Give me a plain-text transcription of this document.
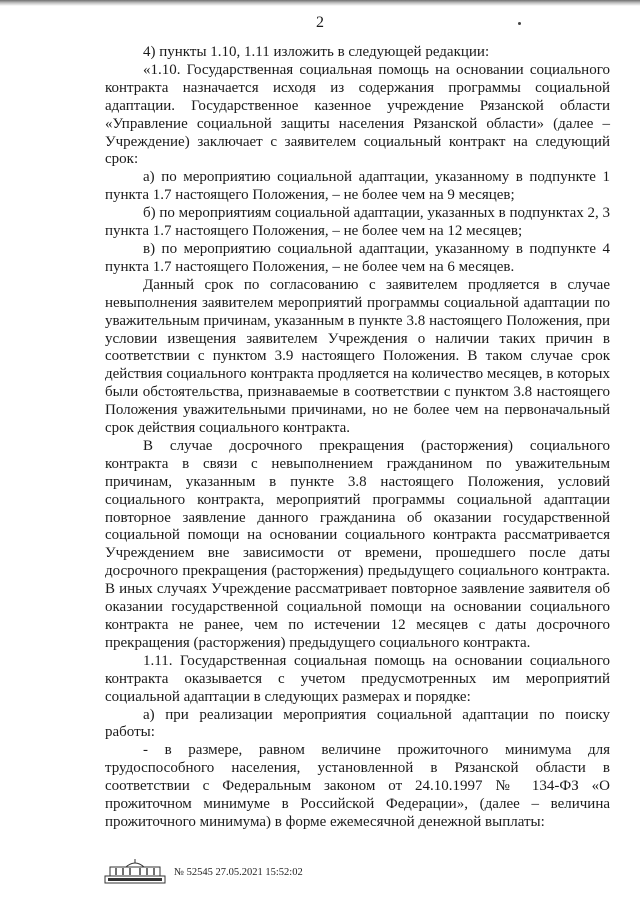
2

4) пункты 1.10, 1.11 изложить в следующей редакции:

«1.10. Государственная социальная помощь на основании социального контракта назначается исходя из содержания программы социальной адаптации. Государственное казенное учреждение Рязанской области «Управление социальной защиты населения Рязанской области» (далее – Учреждение) заключает с заявителем социальный контракт на следующий срок:

а) по мероприятию социальной адаптации, указанному в подпункте 1 пункта 1.7 настоящего Положения, – не более чем на 9 месяцев;

б) по мероприятиям социальной адаптации, указанных в подпунктах 2, 3 пункта 1.7 настоящего Положения, – не более чем на 12 месяцев;

в) по мероприятию социальной адаптации, указанному в подпункте 4 пункта 1.7 настоящего Положения, – не более чем на 6 месяцев.

Данный срок по согласованию с заявителем продляется в случае невыполнения заявителем мероприятий программы социальной адаптации по уважительным причинам, указанным в пункте 3.8 настоящего Положения, при условии извещения заявителем Учреждения о наличии таких причин в соответствии с пунктом 3.9 настоящего Положения. В таком случае срок действия социального контракта продляется на количество месяцев, в которых были обстоятельства, признаваемые в соответствии с пунктом 3.8 настоящего Положения уважительными причинами, но не более чем на первоначальный срок действия социального контракта.

В случае досрочного прекращения (расторжения) социального контракта в связи с невыполнением гражданином по уважительным причинам, указанным в пункте 3.8 настоящего Положения, условий социального контракта, мероприятий программы социальной адаптации повторное заявление данного гражданина об оказании государственной социальной помощи на основании социального контракта рассматривается Учреждением вне зависимости от времени, прошедшего после даты досрочного прекращения (расторжения) предыдущего социального контракта. В иных случаях Учреждение рассматривает повторное заявление заявителя об оказании государственной социальной помощи на основании социального контракта не ранее, чем по истечении 12 месяцев с даты досрочного прекращения (расторжения) предыдущего социального контракта.

1.11. Государственная социальная помощь на основании социального контракта оказывается с учетом предусмотренных им мероприятий социальной адаптации в следующих размерах и порядке:

а) при реализации мероприятия социальной адаптации по поиску работы:

- в размере, равном величине прожиточного минимума для трудоспособного населения, установленной в Рязанской области в соответствии с Федеральным законом от 24.10.1997 № 134-ФЗ «О прожиточном минимуме в Российской Федерации», (далее – величина прожиточного минимума) в форме ежемесячной денежной выплаты:

№ 52545 27.05.2021 15:52:02
